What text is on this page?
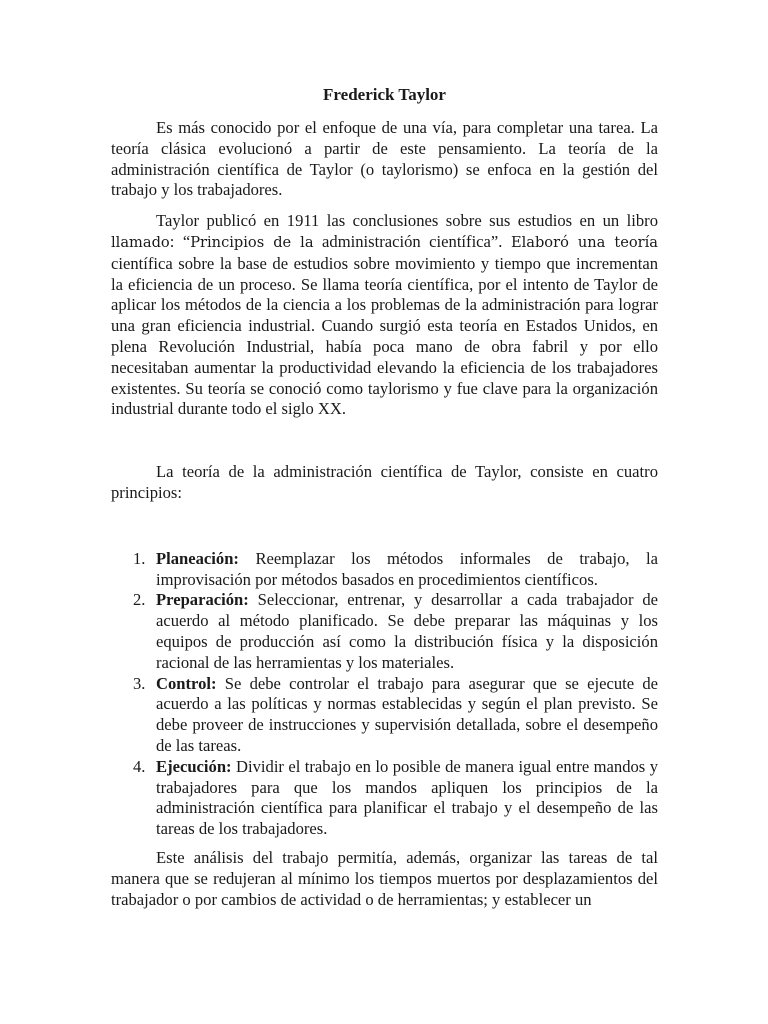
Frederick Taylor

Es más conocido por el enfoque de una vía, para completar una tarea. La teoría clásica evolucionó a partir de este pensamiento. La teoría de la administración científica de Taylor (o taylorismo) se enfoca en la gestión del trabajo y los trabajadores.

Taylor publicó en 1911 las conclusiones sobre sus estudios en un libro llamado: “Principios de la administración científica”. Elaboró una teoría científica sobre la base de estudios sobre movimiento y tiempo que incrementan la eficiencia de un proceso. Se llama teoría científica, por el intento de Taylor de aplicar los métodos de la ciencia a los problemas de la administración para lograr una gran eficiencia industrial. Cuando surgió esta teoría en Estados Unidos, en plena Revolución Industrial, había poca mano de obra fabril y por ello necesitaban aumentar la productividad elevando la eficiencia de los trabajadores existentes. Su teoría se conoció como taylorismo y fue clave para la organización industrial durante todo el siglo XX.

La teoría de la administración científica de Taylor, consiste en cuatro principios:

1. Planeación: Reemplazar los métodos informales de trabajo, la improvisación por métodos basados en procedimientos científicos.
2. Preparación: Seleccionar, entrenar, y desarrollar a cada trabajador de acuerdo al método planificado. Se debe preparar las máquinas y los equipos de producción así como la distribución física y la disposición racional de las herramientas y los materiales.
3. Control: Se debe controlar el trabajo para asegurar que se ejecute de acuerdo a las políticas y normas establecidas y según el plan previsto. Se debe proveer de instrucciones y supervisión detallada, sobre el desempeño de las tareas.
4. Ejecución: Dividir el trabajo en lo posible de manera igual entre mandos y trabajadores para que los mandos apliquen los principios de la administración científica para planificar el trabajo y el desempeño de las tareas de los trabajadores.

Este análisis del trabajo permitía, además, organizar las tareas de tal manera que se redujeran al mínimo los tiempos muertos por desplazamientos del trabajador o por cambios de actividad o de herramientas; y establecer un
